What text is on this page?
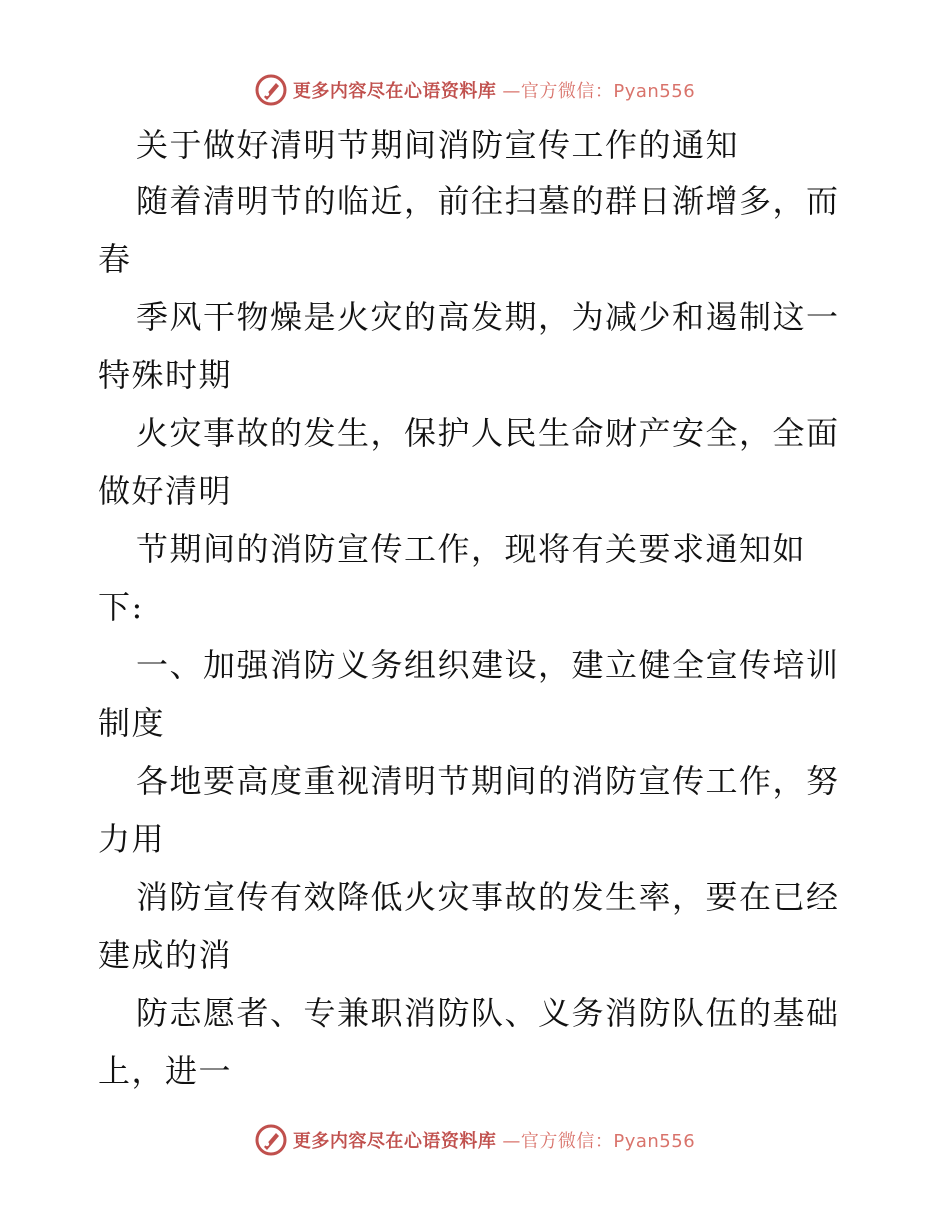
更多内容尽在心语资料库 —官方微信：Pyan556
关于做好清明节期间消防宣传工作的通知
随着清明节的临近，前往扫墓的群日渐增多，而
春
季风干物燥是火灾的高发期，为减少和遏制这一
特殊时期
火灾事故的发生，保护人民生命财产安全，全面
做好清明
节期间的消防宣传工作，现将有关要求通知如
下:
一、加强消防义务组织建设，建立健全宣传培训
制度
各地要高度重视清明节期间的消防宣传工作，努
力用
消防宣传有效降低火灾事故的发生率，要在已经
建成的消
防志愿者、专兼职消防队、义务消防队伍的基础
上，进一
更多内容尽在心语资料库 —官方微信：Pyan556
